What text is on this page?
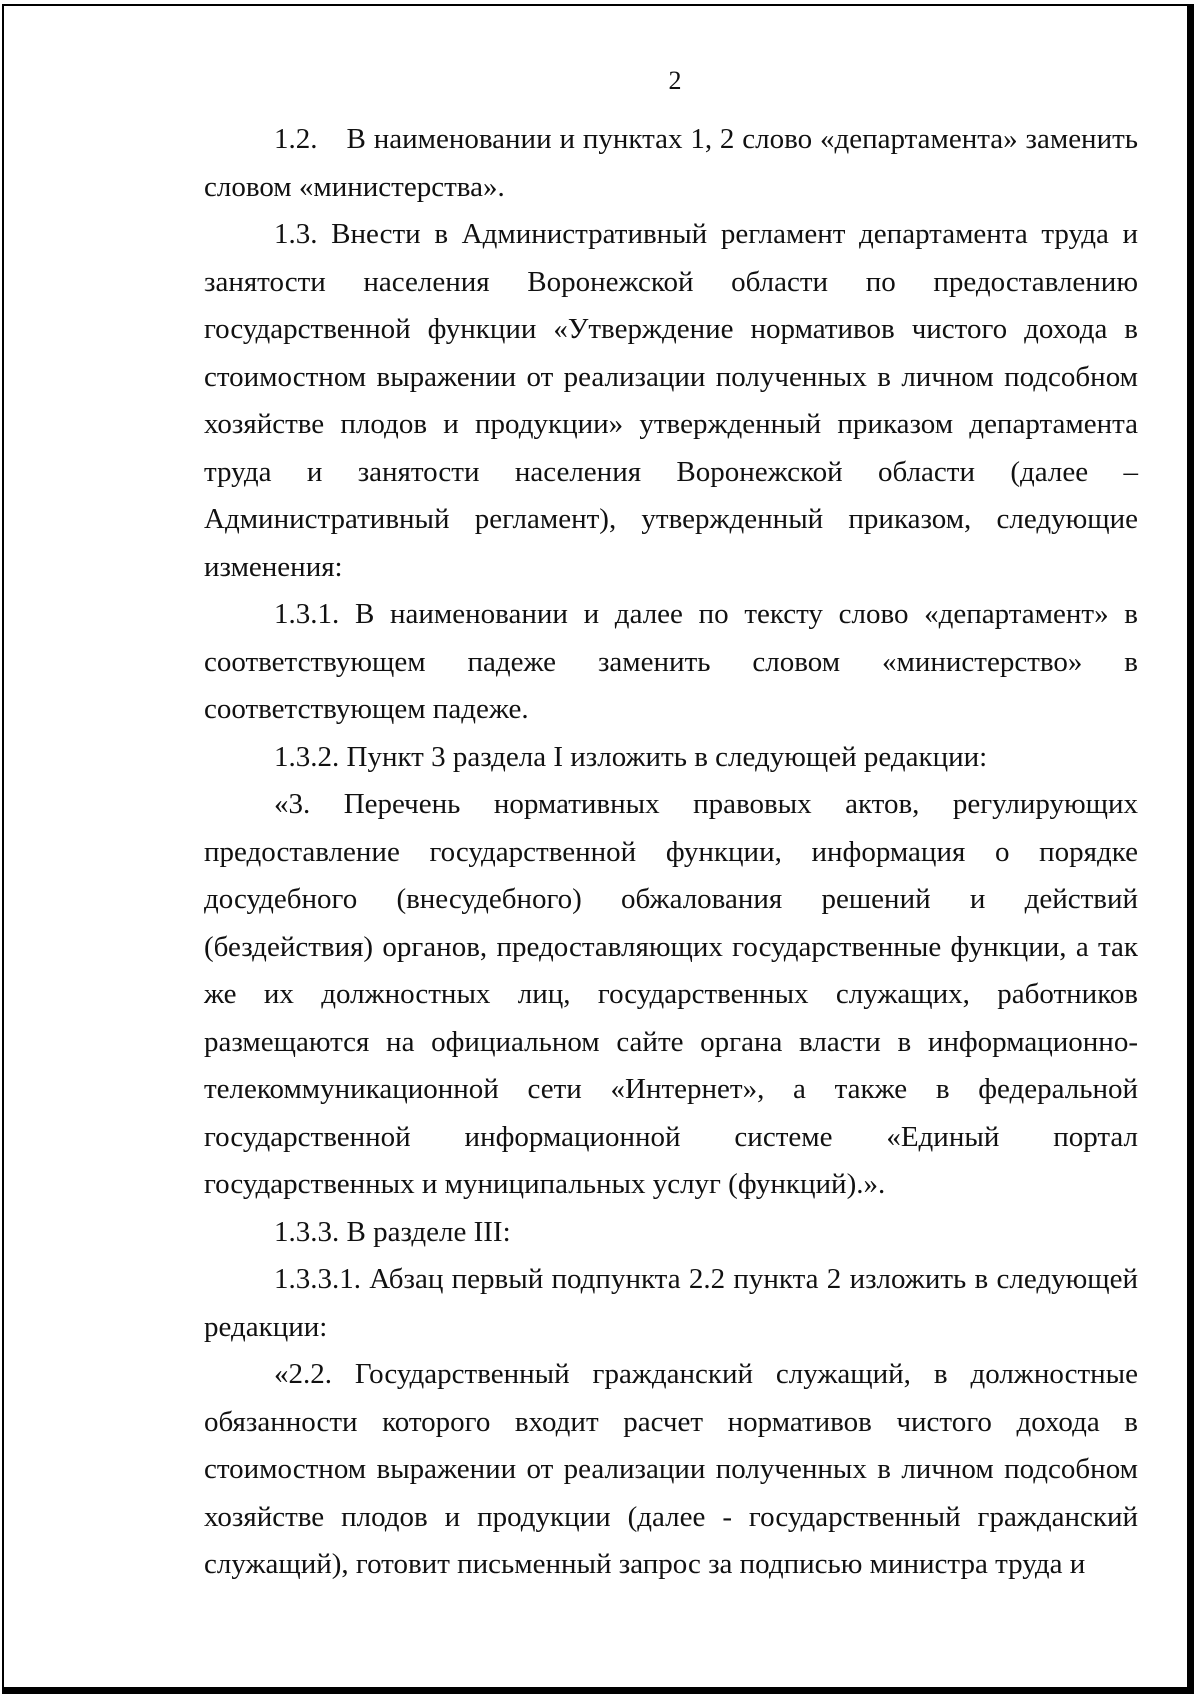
2

1.2. В наименовании и пунктах 1, 2 слово «департамента» заменить словом «министерства».

1.3. Внести в Административный регламент департамента труда и занятости населения Воронежской области по предоставлению государственной функции «Утверждение нормативов чистого дохода в стоимостном выражении от реализации полученных в личном подсобном хозяйстве плодов и продукции» утвержденный приказом департамента труда и занятости населения Воронежской области (далее – Административный регламент), утвержденный приказом, следующие изменения:

1.3.1. В наименовании и далее по тексту слово «департамент» в соответствующем падеже заменить словом «министерство» в соответствующем падеже.

1.3.2. Пункт 3 раздела I изложить в следующей редакции:

«3. Перечень нормативных правовых актов, регулирующих предоставление государственной функции, информация о порядке досудебного (внесудебного) обжалования решений и действий (бездействия) органов, предоставляющих государственные функции, а так же их должностных лиц, государственных служащих, работников размещаются на официальном сайте органа власти в информационно-телекоммуникационной сети «Интернет», а также в федеральной государственной информационной системе «Единый портал государственных и муниципальных услуг (функций).».

1.3.3. В разделе III:

1.3.3.1. Абзац первый подпункта 2.2 пункта 2 изложить в следующей редакции:

«2.2. Государственный гражданский служащий, в должностные обязанности которого входит расчет нормативов чистого дохода в стоимостном выражении от реализации полученных в личном подсобном хозяйстве плодов и продукции (далее - государственный гражданский служащий), готовит письменный запрос за подписью министра труда и
